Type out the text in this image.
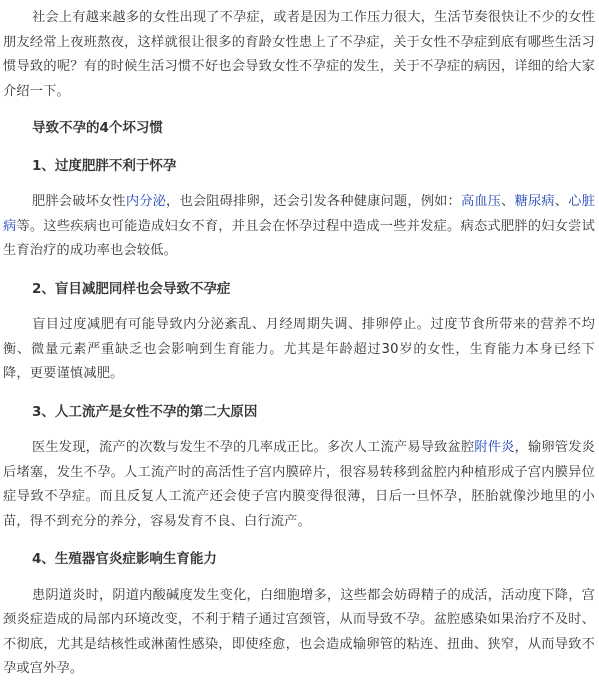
社会上有越来越多的女性出现了不孕症，或者是因为工作压力很大，生活节奏很快让不少的女性朋友经常上夜班熬夜，这样就很让很多的育龄女性患上了不孕症，关于女性不孕症到底有哪些生活习惯导致的呢？有的时候生活习惯不好也会导致女性不孕症的发生，关于不孕症的病因，详细的给大家介绍一下。

导致不孕的4个坏习惯
1、过度肥胖不利于怀孕

肥胖会破坏女性内分泌，也会阻碍排卵，还会引发各种健康问题，例如：高血压、糖尿病、心脏病等。这些疾病也可能造成妇女不育，并且会在怀孕过程中造成一些并发症。病态式肥胖的妇女尝试生育治疗的成功率也会较低。

2、盲目减肥同样也会导致不孕症

盲目过度减肥有可能导致内分泌紊乱、月经周期失调、排卵停止。过度节食所带来的营养不均衡、微量元素严重缺乏也会影响到生育能力。尤其是年龄超过30岁的女性，生育能力本身已经下降，更要谨慎减肥。

3、人工流产是女性不孕的第二大原因

医生发现，流产的次数与发生不孕的几率成正比。多次人工流产易导致盆腔附件炎，输卵管发炎后堵塞，发生不孕。人工流产时的高活性子宫内膜碎片，很容易转移到盆腔内种植形成子宫内膜异位症导致不孕症。而且反复人工流产还会使子宫内膜变得很薄，日后一旦怀孕，胚胎就像沙地里的小苗，得不到充分的养分，容易发育不良、白行流产。

4、生殖器官炎症影响生育能力

患阴道炎时，阴道内酸碱度发生变化，白细胞增多，这些都会妨碍精子的成活，活动度下降，宫颈炎症造成的局部内环境改变，不利于精子通过宫颈管，从而导致不孕。盆腔感染如果治疗不及时、不彻底，尤其是结核性或淋菌性感染，即使痊愈，也会造成输卵管的粘连、扭曲、狭窄，从而导致不孕或宫外孕。
